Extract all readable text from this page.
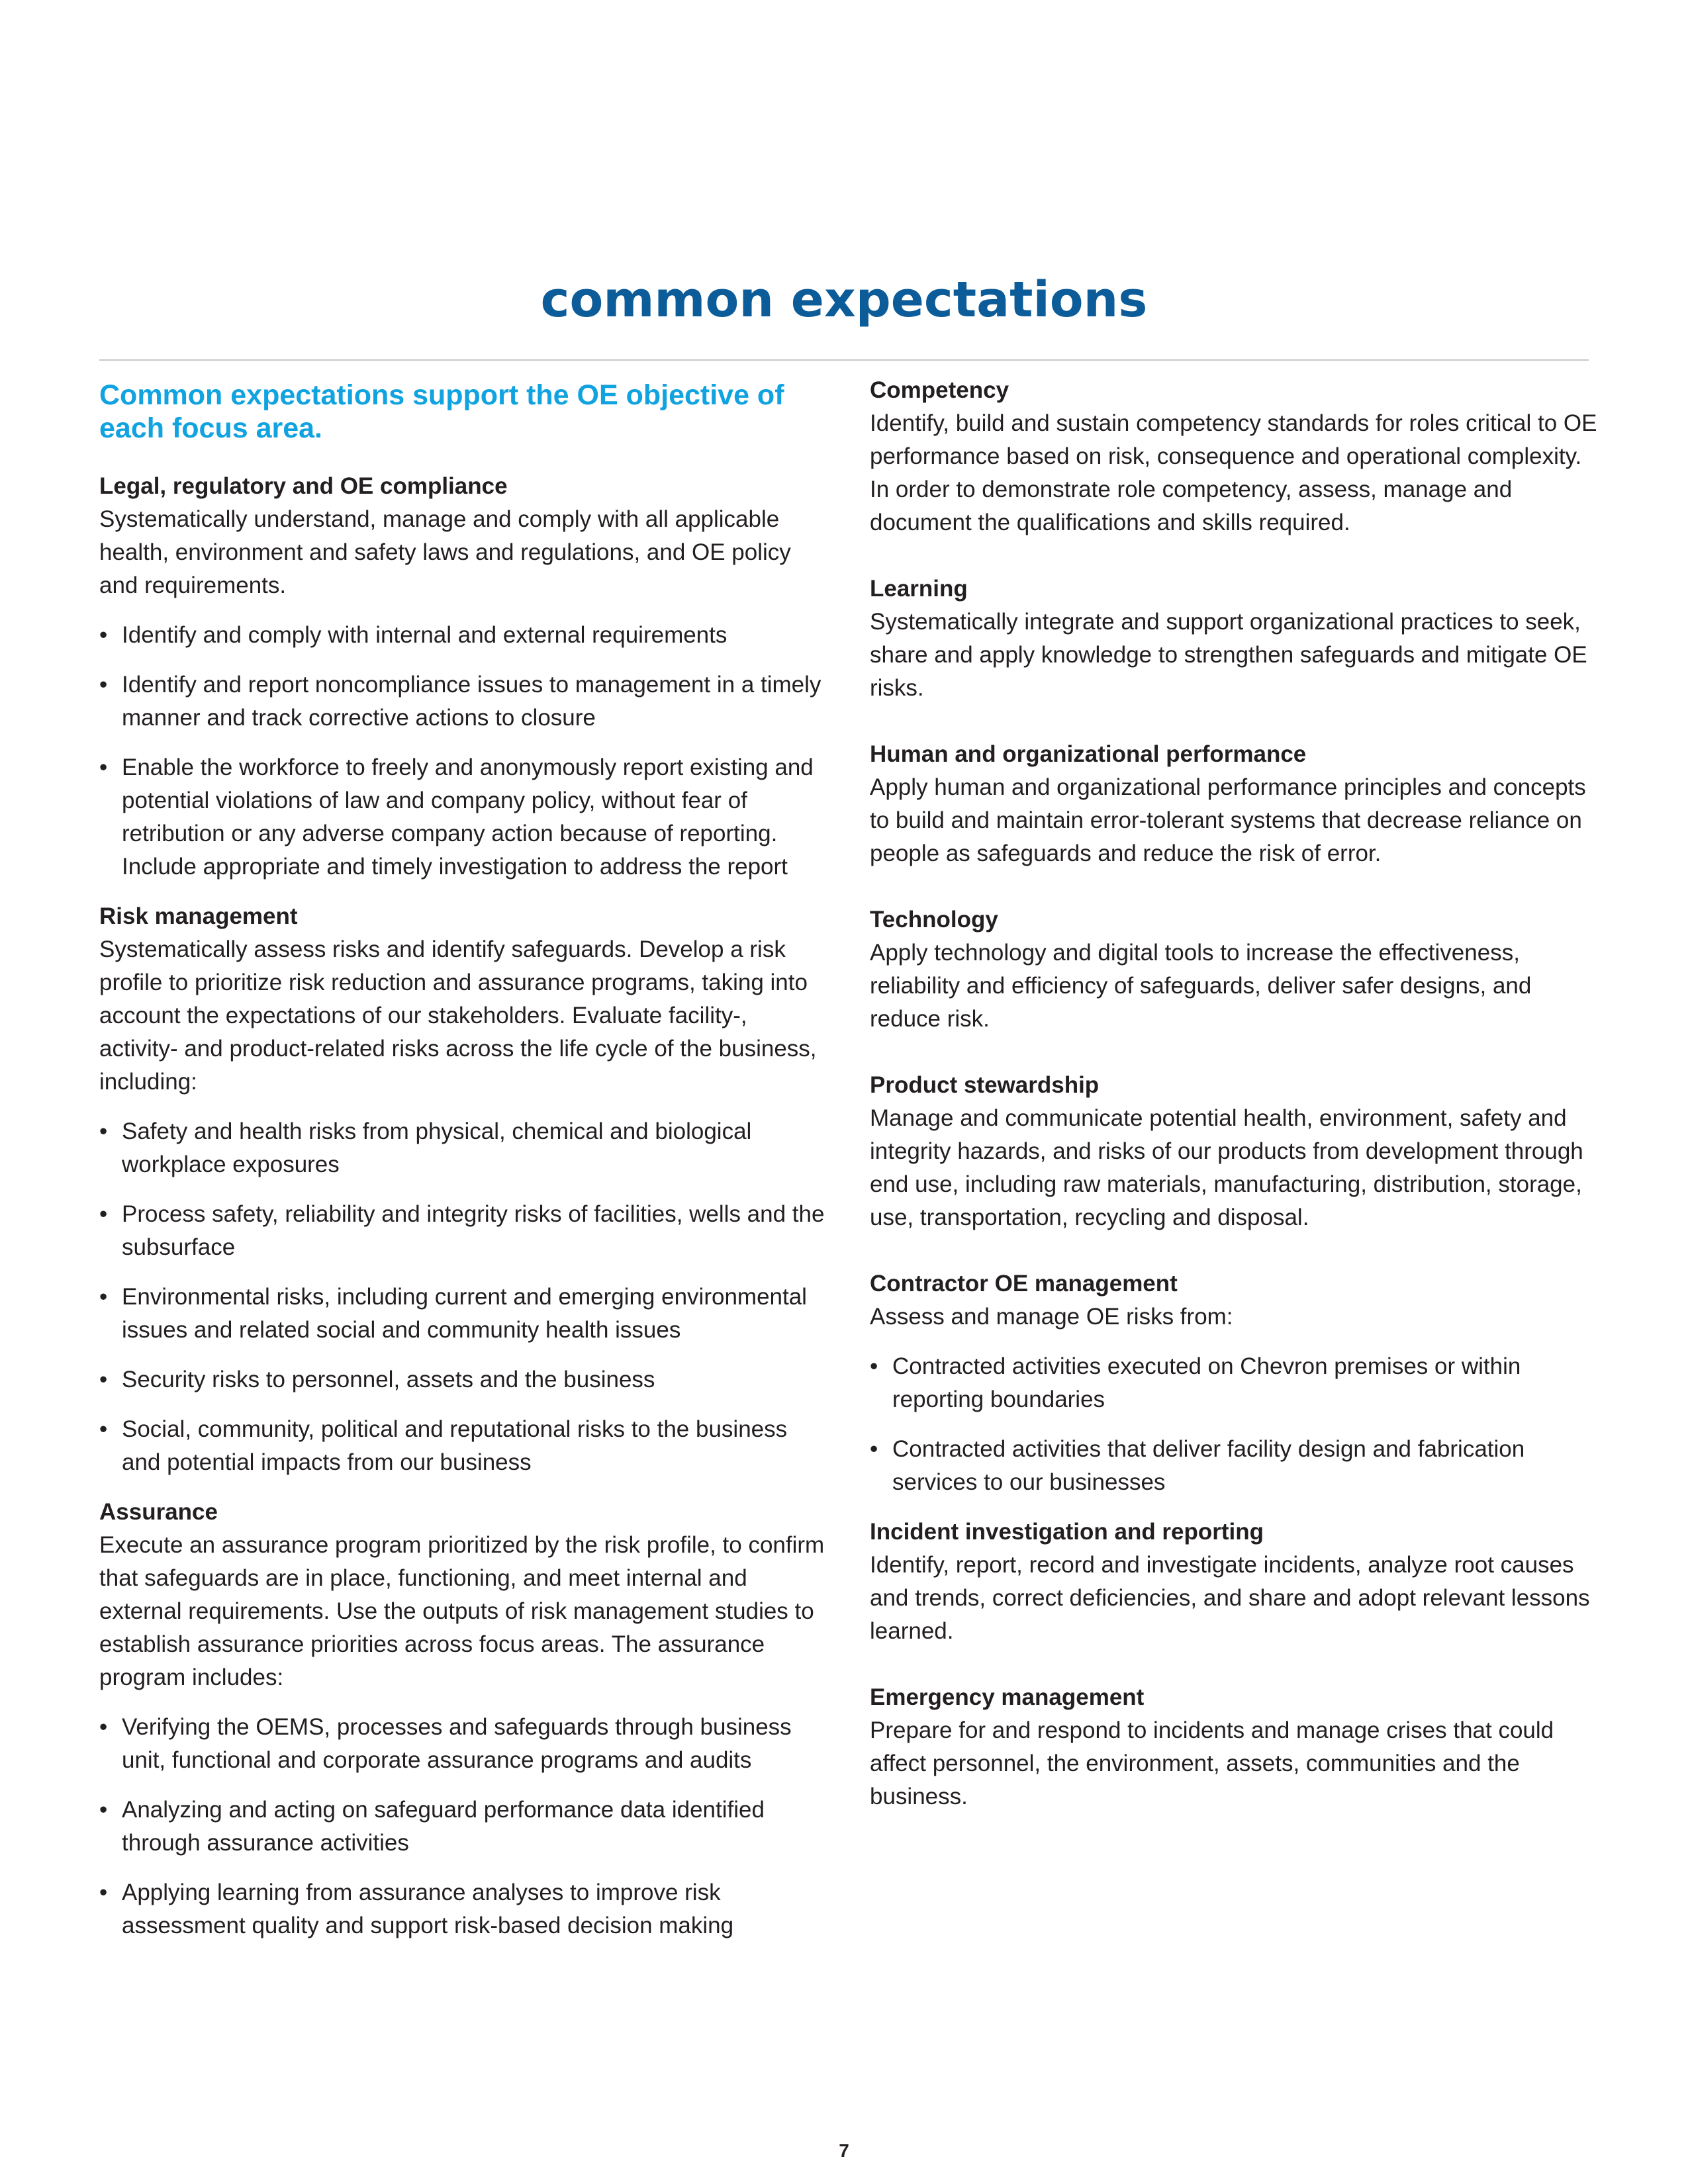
common expectations
Common expectations support the OE objective of each focus area.
Legal, regulatory and OE compliance

Systematically understand, manage and comply with all applicable health, environment and safety laws and regulations, and OE policy and requirements.

• Identify and comply with internal and external requirements
• Identify and report noncompliance issues to management in a timely manner and track corrective actions to closure
• Enable the workforce to freely and anonymously report existing and potential violations of law and company policy, without fear of retribution or any adverse company action because of reporting. Include appropriate and timely investigation to address the report
Risk management

Systematically assess risks and identify safeguards. Develop a risk profile to prioritize risk reduction and assurance programs, taking into account the expectations of our stakeholders. Evaluate facility-, activity- and product-related risks across the life cycle of the business, including:

• Safety and health risks from physical, chemical and biological workplace exposures
• Process safety, reliability and integrity risks of facilities, wells and the subsurface
• Environmental risks, including current and emerging environmental issues and related social and community health issues
• Security risks to personnel, assets and the business
• Social, community, political and reputational risks to the business and potential impacts from our business
Assurance

Execute an assurance program prioritized by the risk profile, to confirm that safeguards are in place, functioning, and meet internal and external requirements. Use the outputs of risk management studies to establish assurance priorities across focus areas. The assurance program includes:

• Verifying the OEMS, processes and safeguards through business unit, functional and corporate assurance programs and audits
• Analyzing and acting on safeguard performance data identified through assurance activities
• Applying learning from assurance analyses to improve risk assessment quality and support risk-based decision making
Competency

Identify, build and sustain competency standards for roles critical to OE performance based on risk, consequence and operational complexity. In order to demonstrate role competency, assess, manage and document the qualifications and skills required.

Learning

Systematically integrate and support organizational practices to seek, share and apply knowledge to strengthen safeguards and mitigate OE risks.

Human and organizational performance

Apply human and organizational performance principles and concepts to build and maintain error-tolerant systems that decrease reliance on people as safeguards and reduce the risk of error.

Technology

Apply technology and digital tools to increase the effectiveness, reliability and efficiency of safeguards, deliver safer designs, and reduce risk.

Product stewardship

Manage and communicate potential health, environment, safety and integrity hazards, and risks of our products from development through end use, including raw materials, manufacturing, distribution, storage, use, transportation, recycling and disposal.

Contractor OE management

Assess and manage OE risks from:

• Contracted activities executed on Chevron premises or within reporting boundaries
• Contracted activities that deliver facility design and fabrication services to our businesses
Incident investigation and reporting

Identify, report, record and investigate incidents, analyze root causes and trends, correct deficiencies, and share and adopt relevant lessons learned.

Emergency management

Prepare for and respond to incidents and manage crises that could affect personnel, the environment, assets, communities and the business.

7
